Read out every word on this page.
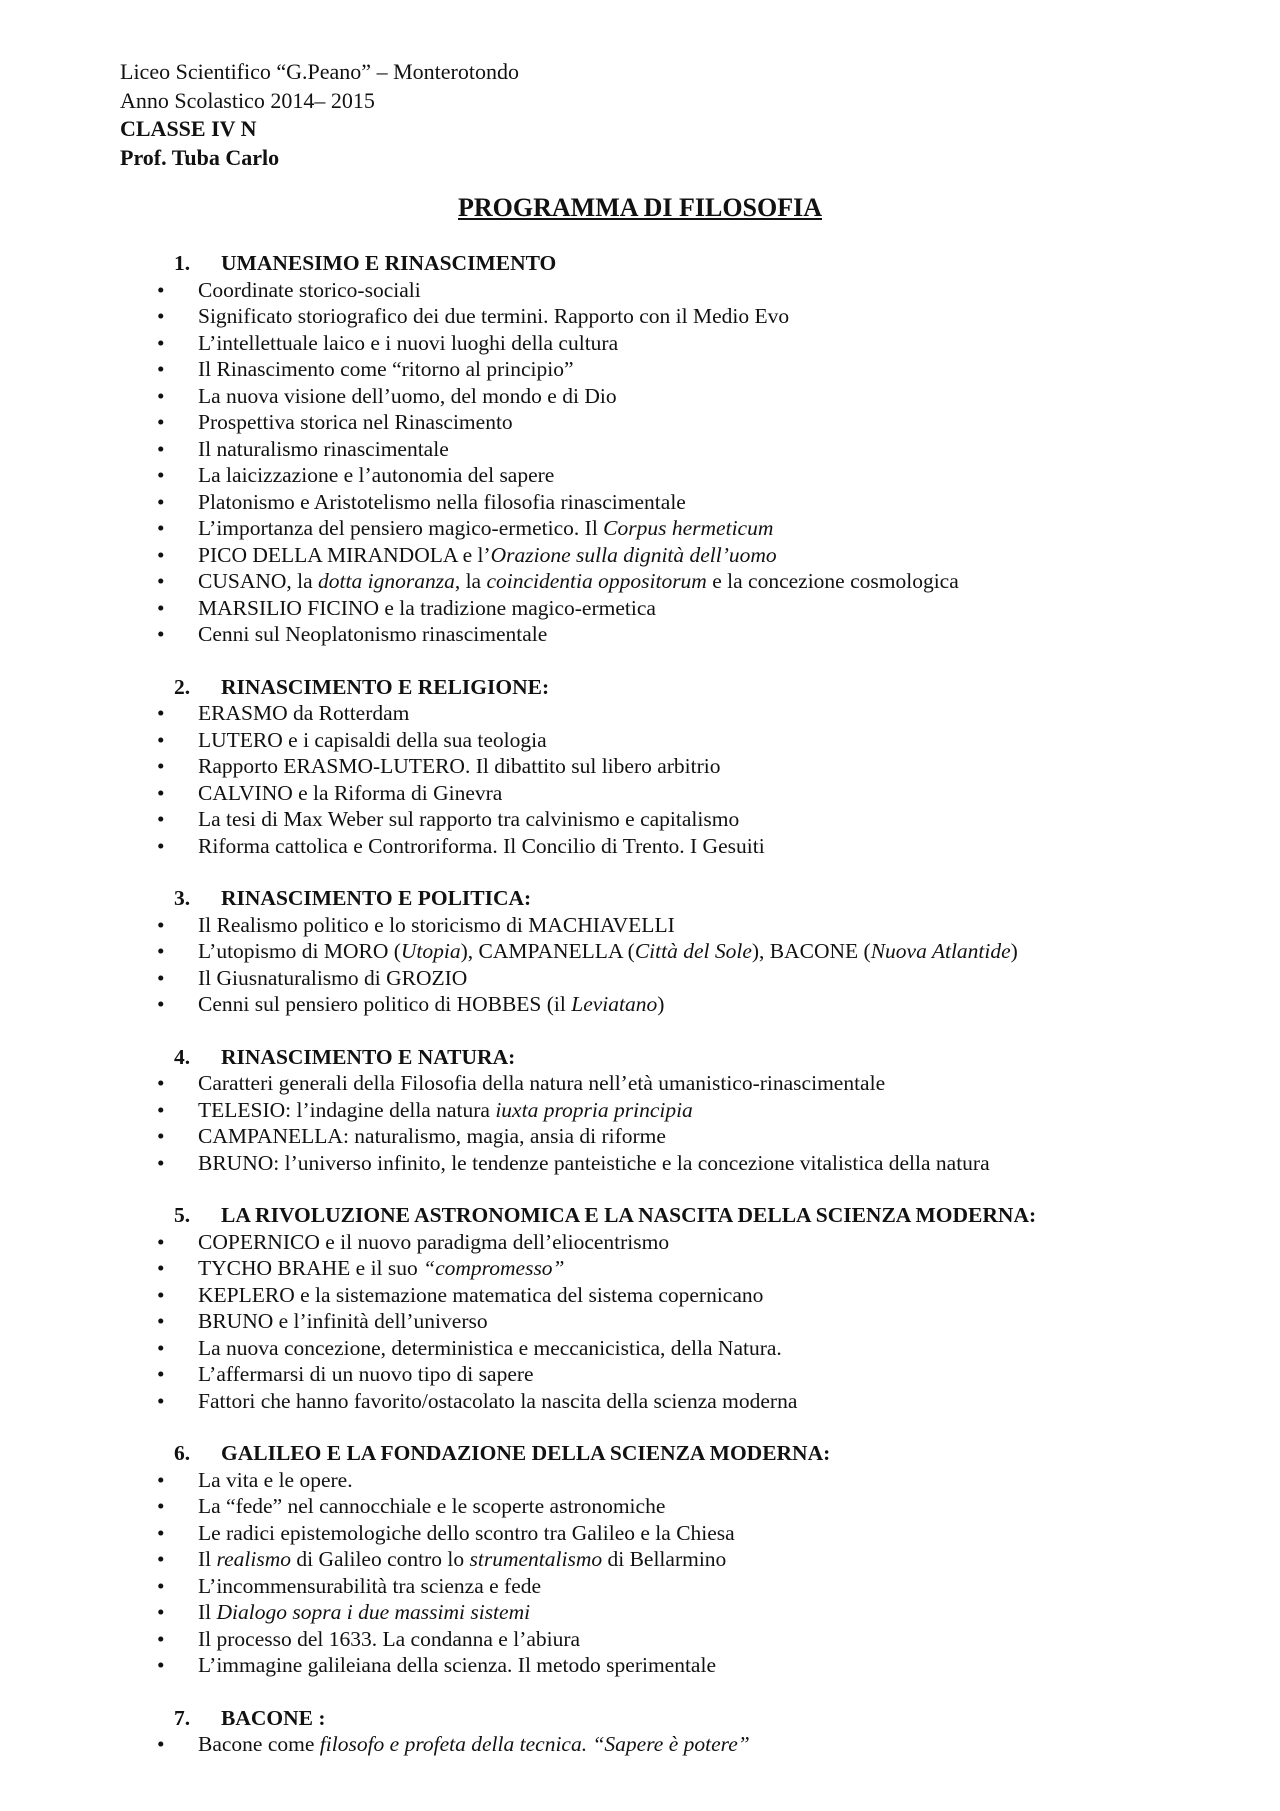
Liceo Scientifico “G.Peano” – Monterotondo
Anno Scolastico 2014– 2015
CLASSE IV N
Prof. Tuba Carlo
PROGRAMMA DI FILOSOFIA
1. UMANESIMO E RINASCIMENTO
• Coordinate storico-sociali
• Significato storiografico dei due termini. Rapporto con il Medio Evo
• L’intellettuale laico e i nuovi luoghi della cultura
• Il Rinascimento come “ritorno al principio”
• La nuova visione dell’uomo, del mondo e di Dio
• Prospettiva storica nel Rinascimento
• Il naturalismo rinascimentale
• La laicizzazione e l’autonomia del sapere
• Platonismo e Aristotelismo nella filosofia rinascimentale
• L’importanza del pensiero magico-ermetico. Il Corpus hermeticum
• PICO DELLA MIRANDOLA e l’Orazione sulla dignità dell’uomo
• CUSANO, la dotta ignoranza, la coincidentia oppositorum e la concezione cosmologica
• MARSILIO FICINO e la tradizione magico-ermetica
• Cenni sul Neoplatonismo rinascimentale
2. RINASCIMENTO E RELIGIONE:
• ERASMO da Rotterdam
• LUTERO e i capisaldi della sua teologia
• Rapporto ERASMO-LUTERO. Il dibattito sul libero arbitrio
• CALVINO e la Riforma di Ginevra
• La tesi di Max Weber sul rapporto tra calvinismo e capitalismo
• Riforma cattolica e Controriforma. Il Concilio di Trento. I Gesuiti
3. RINASCIMENTO E POLITICA:
• Il Realismo politico e lo storicismo di MACHIAVELLI
• L’utopismo di MORO (Utopia), CAMPANELLA (Città del Sole), BACONE (Nuova Atlantide)
• Il Giusnaturalismo di GROZIO
• Cenni sul pensiero politico di HOBBES (il Leviatano)
4. RINASCIMENTO E NATURA:
• Caratteri generali della Filosofia della natura nell’età umanistico-rinascimentale
• TELESIO: l’indagine della natura iuxta propria principia
• CAMPANELLA: naturalismo, magia, ansia di riforme
• BRUNO: l’universo infinito, le tendenze panteistiche e la concezione vitalistica della natura
5. LA RIVOLUZIONE ASTRONOMICA E LA NASCITA DELLA SCIENZA MODERNA:
• COPERNICO e il nuovo paradigma dell’eliocentrismo
• TYCHO BRAHE e il suo “compromesso”
• KEPLERO e la sistemazione matematica del sistema copernicano
• BRUNO e l’infinità dell’universo
• La nuova concezione, deterministica e meccanicistica, della Natura.
• L’affermarsi di un nuovo tipo di sapere
• Fattori che hanno favorito/ostacolato la nascita della scienza moderna
6. GALILEO E LA FONDAZIONE DELLA SCIENZA MODERNA:
• La vita e le opere.
• La “fede” nel cannocchiale e le scoperte astronomiche
• Le radici epistemologiche dello scontro tra Galileo e la Chiesa
• Il realismo di Galileo contro lo strumentalismo di Bellarmino
• L’incommensurabilità tra scienza e fede
• Il Dialogo sopra i due massimi sistemi
• Il processo del 1633. La condanna e l’abiura
• L’immagine galileiana della scienza. Il metodo sperimentale
7. BACONE :
• Bacone come filosofo e profeta della tecnica. “Sapere è potere”
